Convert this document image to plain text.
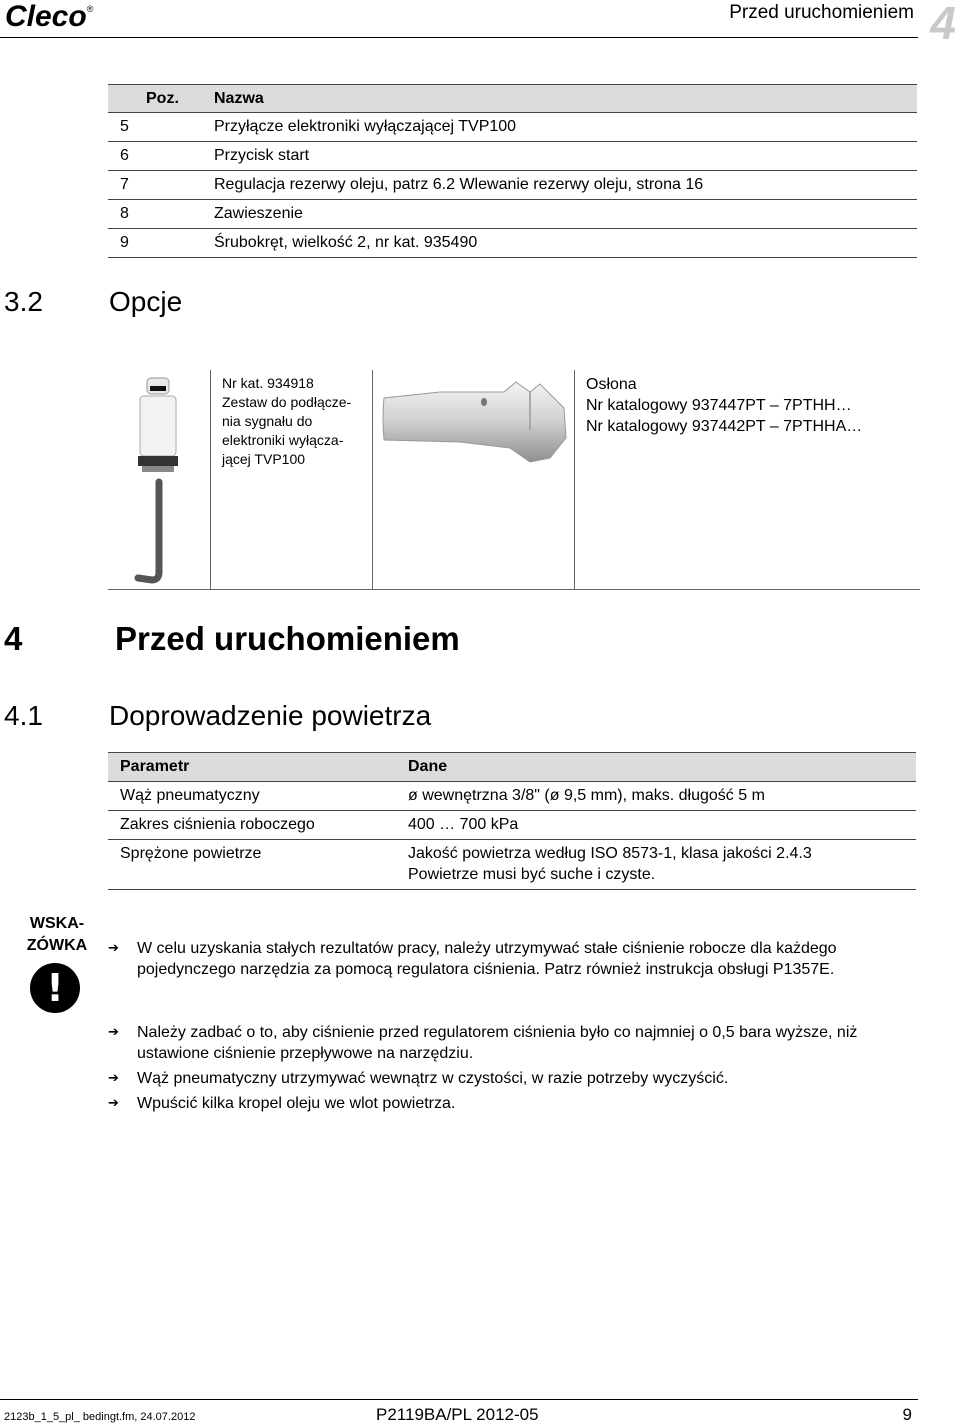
Cleco®	Przed uruchomieniem 4
Poz.	Nazwa
5	Przyłącze elektroniki wyłączającej TVP100
6	Przycisk start
7	Regulacja rezerwy oleju, patrz 6.2 Wlewanie rezerwy oleju, strona 16
8	Zawieszenie
9	Śrubokręt, wielkość 2, nr kat. 935490
3.2 Opcje
Nr kat. 934918
Zestaw do podłącze-
nia sygnału do
elektroniki wyłącza-
jącej TVP100
Osłona
Nr katalogowy 937447PT – 7PTHH…
Nr katalogowy 937442PT – 7PTHHA…
4	Przed uruchomieniem
4.1 Doprowadzenie powietrza
Parametr	Dane
Wąż pneumatyczny	ø wewnętrzna 3/8" (ø 9,5 mm), maks. długość 5 m
Zakres ciśnienia roboczego	400 … 700 kPa
Sprężone powietrze	Jakość powietrza według ISO 8573-1, klasa jakości 2.4.3
Powietrze musi być suche i czyste.
WSKA-
ZÓWKA
!
➔ W celu uzyskania stałych rezultatów pracy, należy utrzymywać stałe ciśnienie robocze dla każdego
pojedynczego narzędzia za pomocą regulatora ciśnienia. Patrz również instrukcja obsługi P1357E.
➔ Należy zadbać o to, aby ciśnienie przed regulatorem ciśnienia było co najmniej o 0,5 bara wyższe, niż
ustawione ciśnienie przepływowe na narzędziu.
➔ Wąż pneumatyczny utrzymywać wewnątrz w czystości, w razie potrzeby wyczyścić.
➔ Wpuścić kilka kropel oleju we wlot powietrza.
2123b_1_5_pl_ bedingt.fm, 24.07.2012	P2119BA/PL 2012-05	9
